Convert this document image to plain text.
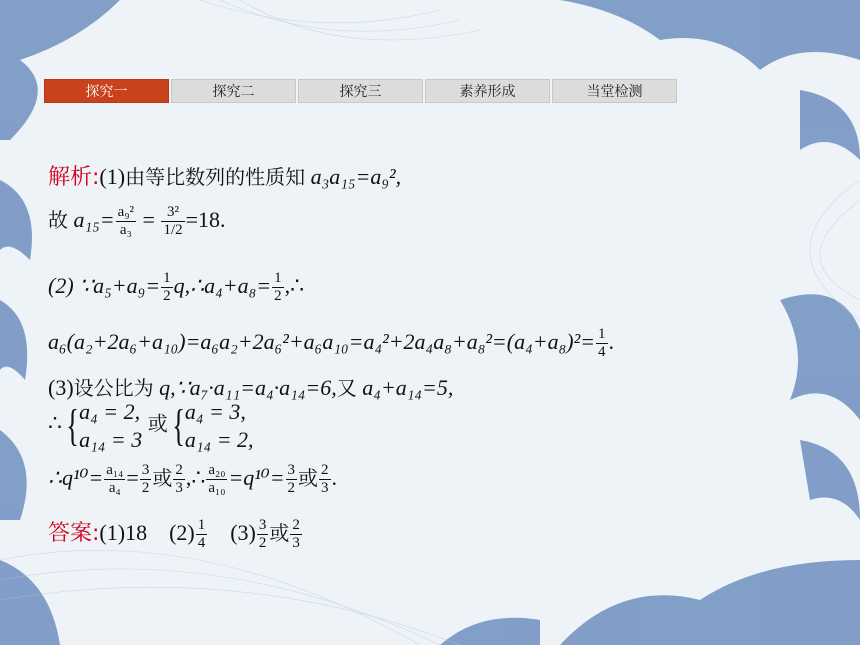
探究一	探究二	探究三	素养形成	当堂检测
解析:(1)由等比数列的性质知 a₃a₁₅=a₉²,
故 $a_{15}= \frac{\text{a₉²}}{\text{a₃}} = \frac{\text{3²}}{1/2} =18$.
(2) ∵a₅+a₉= $\frac{1}{2}$ q,∴a₄+a₈= $\frac{1}{2}$ ,∴
$a_6(a_2+2a_6+a_{10})=a_6a_2+2a_6^2+a_6a_{10}=a_4^2+2a_4a_8+a_8^2=(a_4+a_8)^2= \frac{1}{4}$ .
(3)设公比为 q,∵a₇·a₁₁=a₄·a₁₄=6,又 a₄+a₁₄=5,
∴{a₄ = 2,
a₁₄ = 3 或{a₄ = 3,
a₁₄ = 2,
∴q¹⁰= $\frac{\text{a₁₄}}{\text{a₄}} = \frac{3}{2}$ 或 $\frac{2}{3}$ ,∴ $\frac{\text{a₂₀}}{\text{a₁₀}} =q^{10}= \frac{3}{2}$ 或 $\frac{2}{3}$ .
答案:(1)18 $(2) \frac{1}{4} (3) \frac{3}{2}$ 或 $\frac{2}{3}$
